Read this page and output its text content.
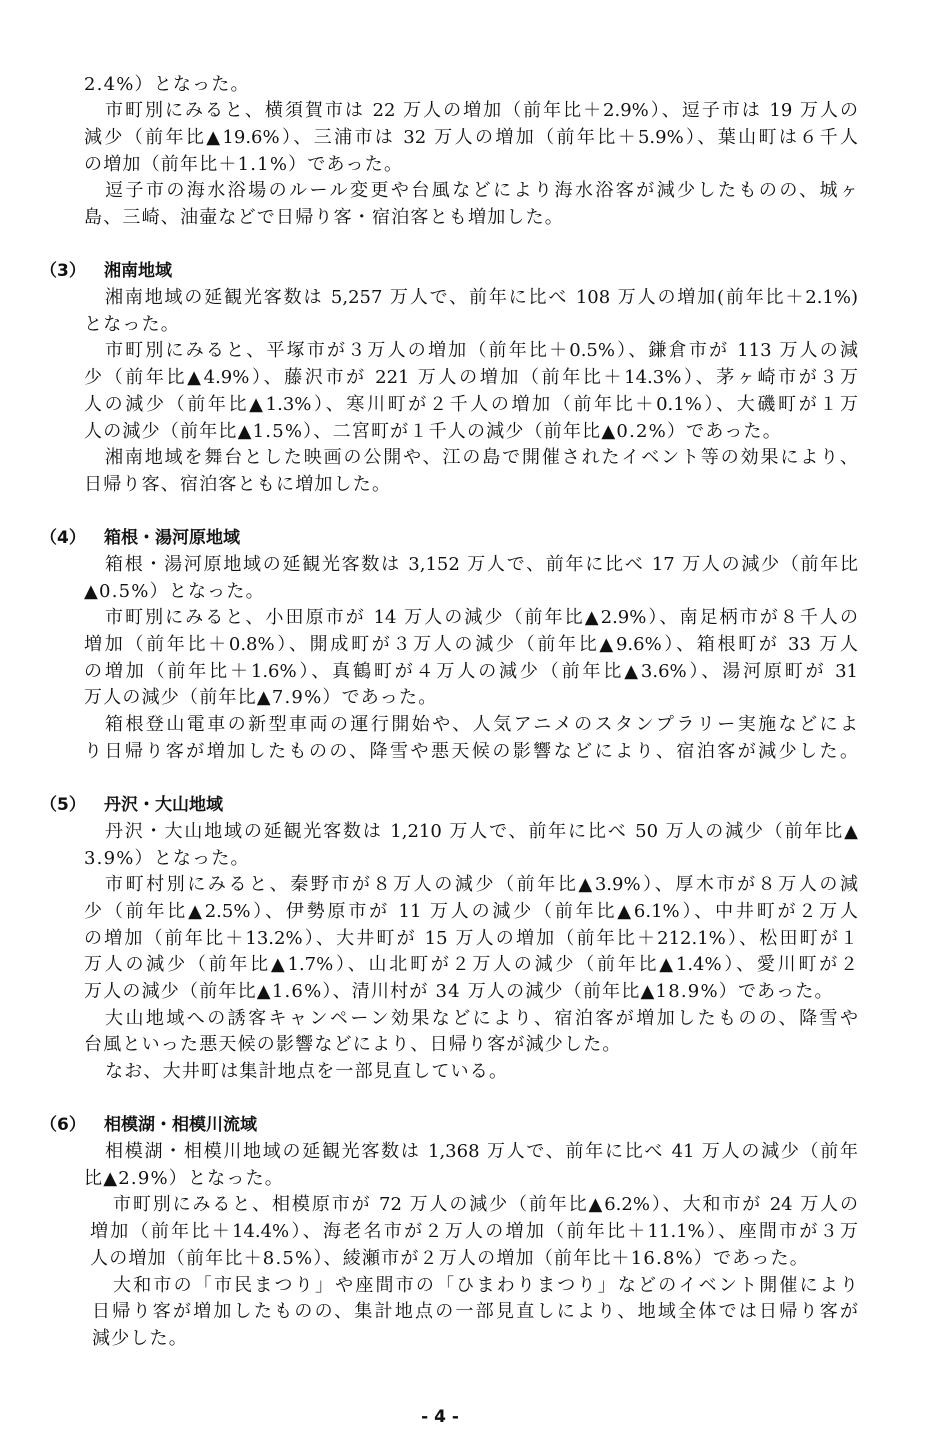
2.4%）となった。
市町別にみると、横須賀市は 22 万人の増加（前年比＋2.9%）、逗子市は 19 万人の
減少（前年比▲19.6%）、三浦市は 32 万人の増加（前年比＋5.9%）、葉山町は６千人
の増加（前年比＋1.1%）であった。
逗子市の海水浴場のルール変更や台風などにより海水浴客が減少したものの、城ヶ
島、三崎、油壷などで日帰り客・宿泊客とも増加した。
（3） 湘南地域
湘南地域の延観光客数は 5,257 万人で、前年に比べ 108 万人の増加(前年比＋2.1%)
となった。
市町別にみると、平塚市が３万人の増加（前年比＋0.5%）、鎌倉市が 113 万人の減
少（前年比▲4.9%）、藤沢市が 221 万人の増加（前年比＋14.3%）、茅ヶ崎市が３万
人の減少（前年比▲1.3%）、寒川町が２千人の増加（前年比＋0.1%）、大磯町が１万
人の減少（前年比▲1.5%）、二宮町が１千人の減少（前年比▲0.2%）であった。
湘南地域を舞台とした映画の公開や、江の島で開催されたイベント等の効果により、
日帰り客、宿泊客ともに増加した。
（4） 箱根・湯河原地域
箱根・湯河原地域の延観光客数は 3,152 万人で、前年に比べ 17 万人の減少（前年比
▲0.5%）となった。
市町別にみると、小田原市が 14 万人の減少（前年比▲2.9%）、南足柄市が８千人の
増加（前年比＋0.8%）、開成町が３万人の減少（前年比▲9.6%）、箱根町が 33 万人
の増加（前年比＋1.6%）、真鶴町が４万人の減少（前年比▲3.6%）、湯河原町が 31
万人の減少（前年比▲7.9%）であった。
箱根登山電車の新型車両の運行開始や、人気アニメのスタンプラリー実施などによ
り日帰り客が増加したものの、降雪や悪天候の影響などにより、宿泊客が減少した。
（5） 丹沢・大山地域
丹沢・大山地域の延観光客数は 1,210 万人で、前年に比べ 50 万人の減少（前年比▲
3.9%）となった。
市町村別にみると、秦野市が８万人の減少（前年比▲3.9%）、厚木市が８万人の減
少（前年比▲2.5%）、伊勢原市が 11 万人の減少（前年比▲6.1%）、中井町が２万人
の増加（前年比＋13.2%）、大井町が 15 万人の増加（前年比＋212.1%）、松田町が１
万人の減少（前年比▲1.7%）、山北町が２万人の減少（前年比▲1.4%）、愛川町が２
万人の減少（前年比▲1.6%）、清川村が 34 万人の減少（前年比▲18.9%）であった。
大山地域への誘客キャンペーン効果などにより、宿泊客が増加したものの、降雪や
台風といった悪天候の影響などにより、日帰り客が減少した。
なお、大井町は集計地点を一部見直している。
（6） 相模湖・相模川流域
相模湖・相模川地域の延観光客数は 1,368 万人で、前年に比べ 41 万人の減少（前年
比▲2.9%）となった。
市町別にみると、相模原市が 72 万人の減少（前年比▲6.2%）、大和市が 24 万人の
増加（前年比＋14.4%）、海老名市が２万人の増加（前年比＋11.1%）、座間市が３万
人の増加（前年比＋8.5%）、綾瀬市が２万人の増加（前年比＋16.8%）であった。
大和市の「市民まつり」や座間市の「ひまわりまつり」などのイベント開催により
日帰り客が増加したものの、集計地点の一部見直しにより、地域全体では日帰り客が
減少した。
- 4 -
